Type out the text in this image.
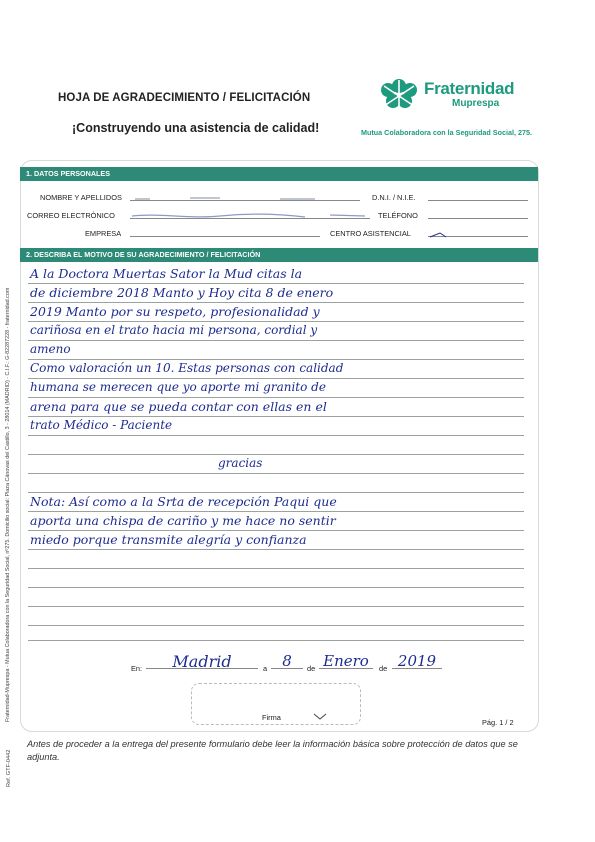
HOJA DE AGRADECIMIENTO / FELICITACIÓN
¡Construyendo una asistencia de calidad!
Fraternidad
Muprespa
Mutua Colaboradora con la Seguridad Social, 275.
1. DATOS PERSONALES
NOMBRE Y APELLIDOS	D.N.I. / N.I.E.
CORREO ELECTRÓNICO	TELÉFONO
EMPRESA	CENTRO ASISTENCIAL
2. DESCRIBA EL MOTIVO DE SU AGRADECIMIENTO / FELICITACIÓN
A la Doctora Muertas Sator la Mud citas la
de diciembre 2018 Manto y Hoy cita 8 de enero
2019 Manto por su respeto, profesionalidad y
cariñosa en el trato hacia mi persona, cordial y
ameno
Como valoración un 10. Estas personas con calidad
humana se merecen que yo aporte mi granito de
arena para que se pueda contar con ellas en el
trato Médico - Paciente
gracias
Nota: Así como a la Srta de recepción Paqui que
aporta una chispa de cariño y me hace no sentir
miedo porque transmite alegría y confianza
En:	Madrid	a	8	de Enero	de 2019
Firma
Pág. 1 / 2
Fraternidad-Muprespa - Mutua Colaboradora con la Seguridad Social, nº275. Domicilio social: Plaza Cánovas del Castillo, 3 - 28014 (MADRID) - C.I.F.: G-82287228 - fraternidad.com
Ref. GTF-0442
Antes de proceder a la entrega del presente formulario debe leer la información básica sobre protección de datos que se adjunta.
